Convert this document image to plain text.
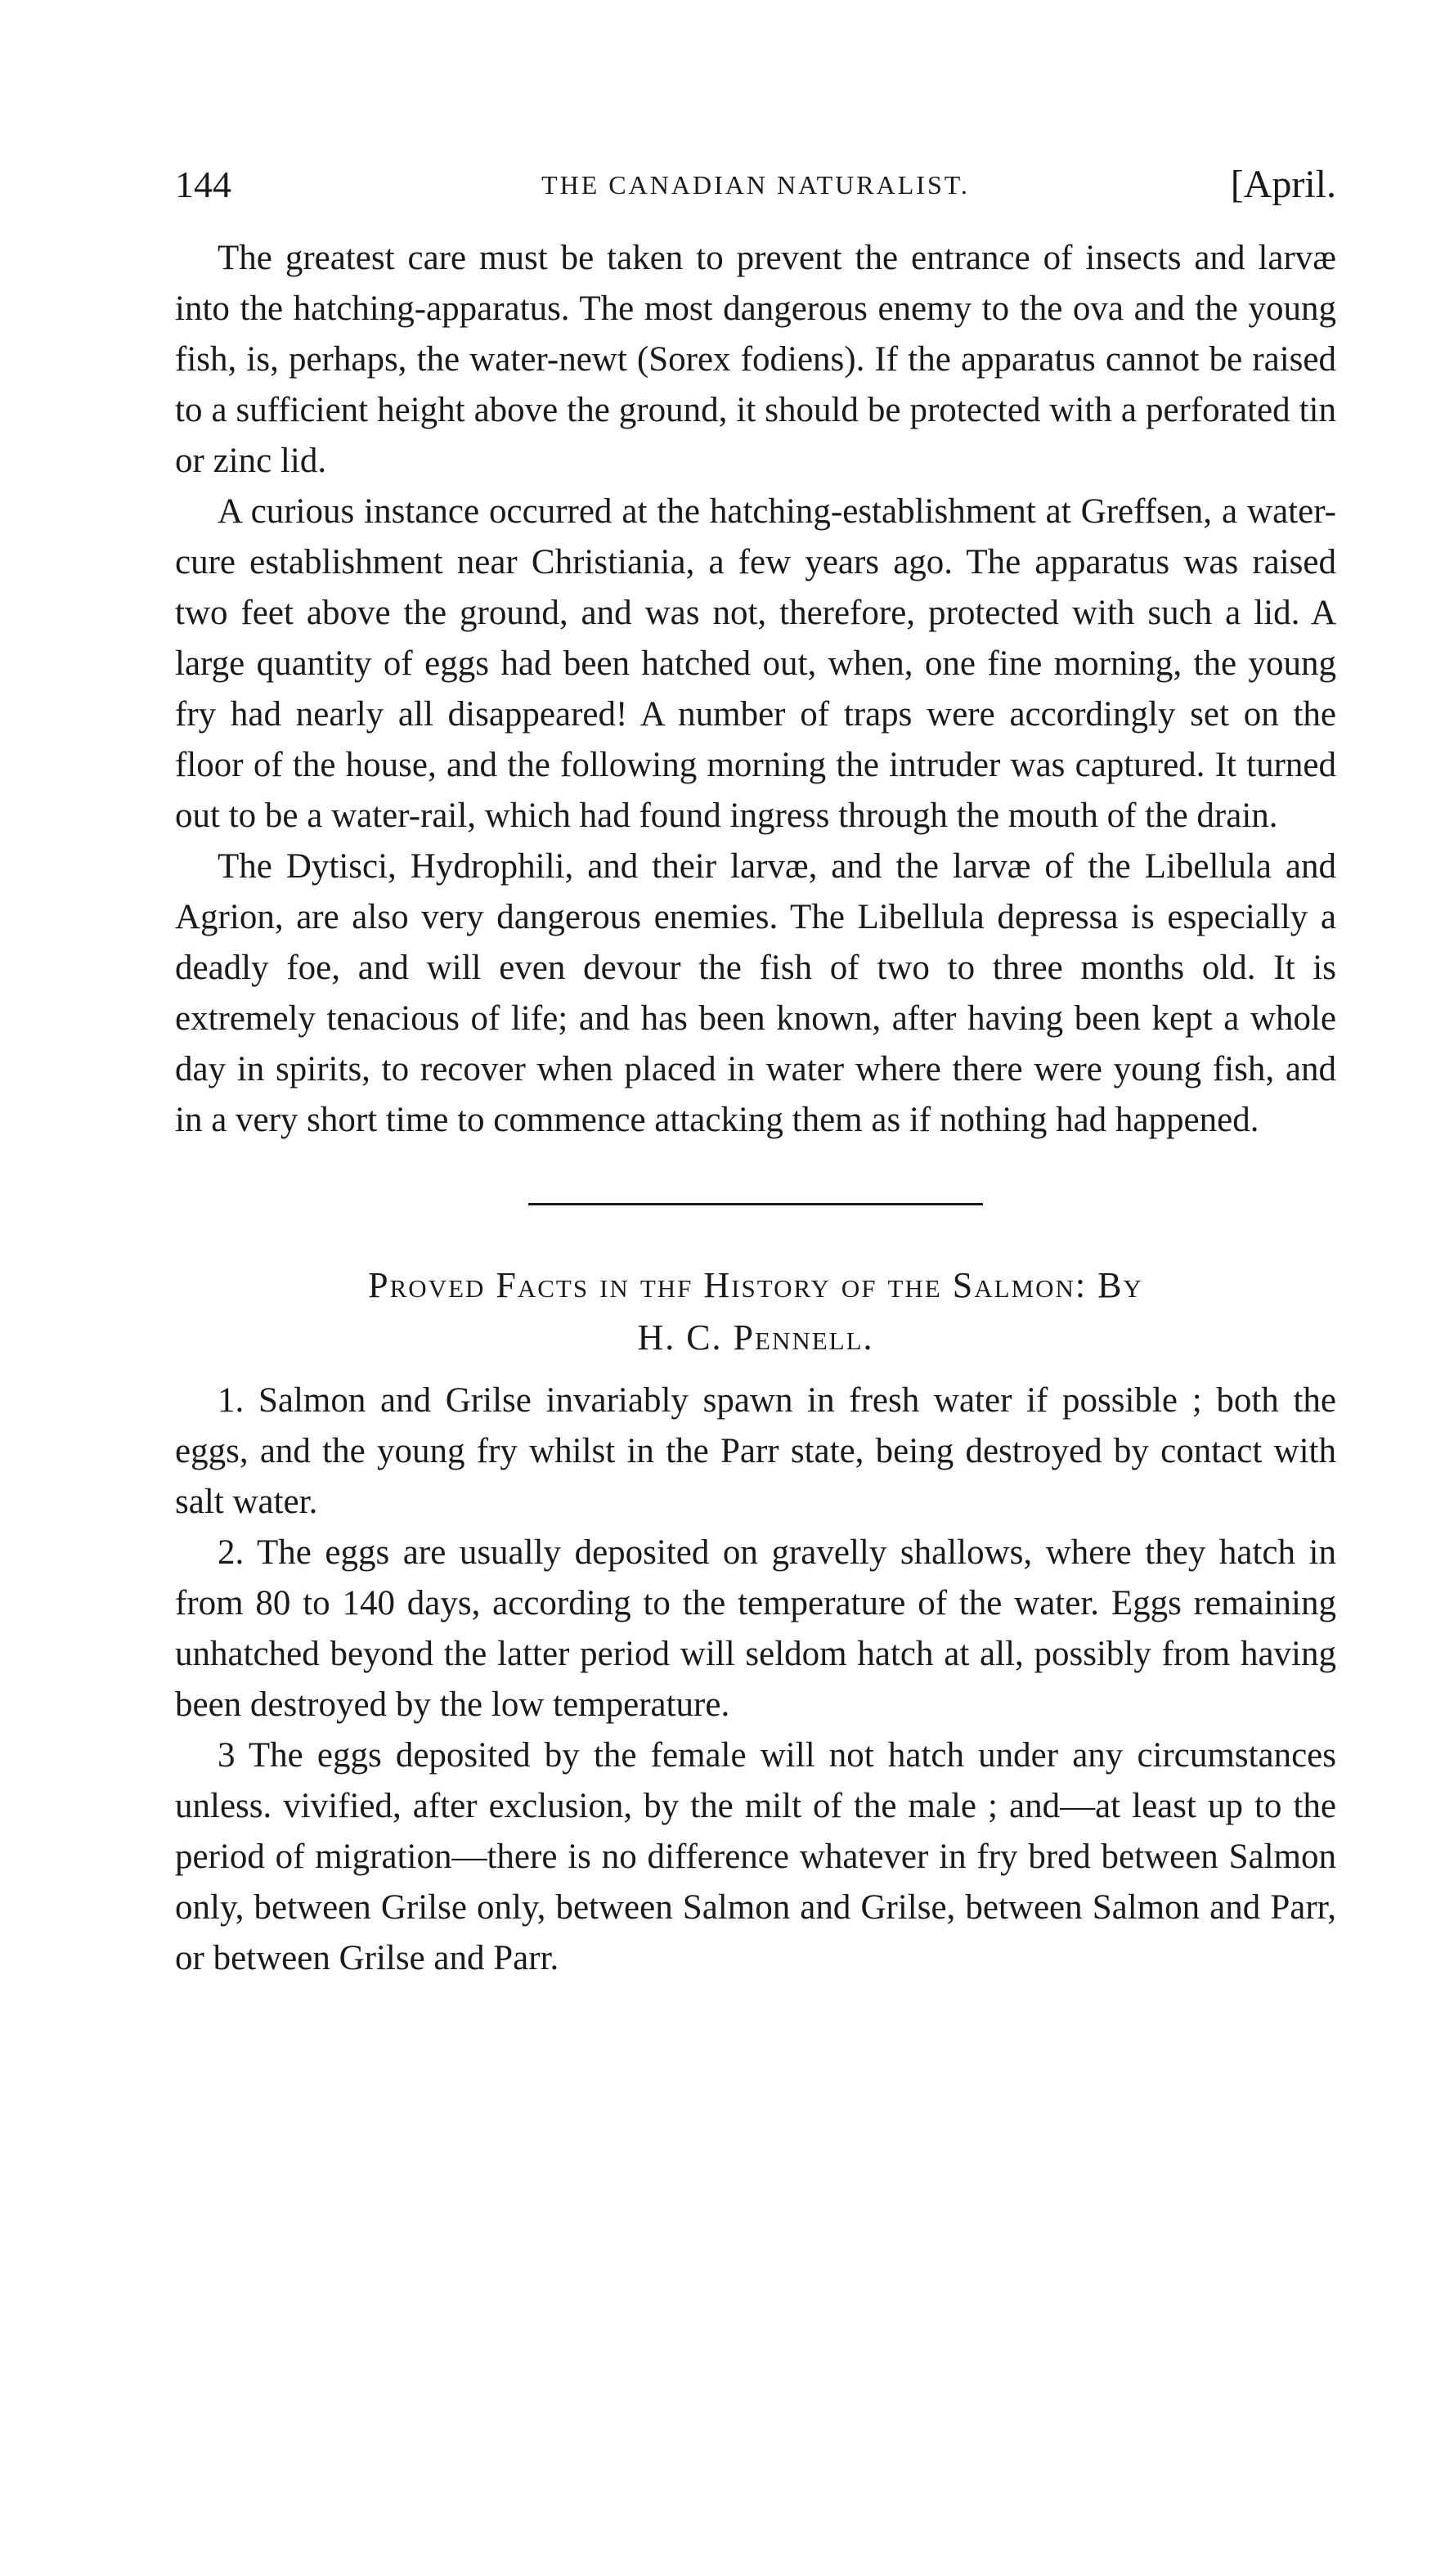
144	THE CANADIAN NATURALIST.	[April.

The greatest care must be taken to prevent the entrance of insects and larvæ into the hatching-apparatus. The most dangerous enemy to the ova and the young fish, is, perhaps, the water-newt (Sorex fodiens). If the apparatus cannot be raised to a sufficient height above the ground, it should be protected with a perforated tin or zinc lid.

A curious instance occurred at the hatching-establishment at Greffsen, a water-cure establishment near Christiania, a few years ago. The apparatus was raised two feet above the ground, and was not, therefore, protected with such a lid. A large quantity of eggs had been hatched out, when, one fine morning, the young fry had nearly all disappeared! A number of traps were accordingly set on the floor of the house, and the following morning the intruder was captured. It turned out to be a water-rail, which had found ingress through the mouth of the drain.

The Dytisci, Hydrophili, and their larvæ, and the larvæ of the Libellula and Agrion, are also very dangerous enemies. The Libellula depressa is especially a deadly foe, and will even devour the fish of two to three months old. It is extremely tenacious of life; and has been known, after having been kept a whole day in spirits, to recover when placed in water where there were young fish, and in a very short time to commence attacking them as if nothing had happened.

Proved Facts in thf History of the Salmon: By
H. C. Pennell.

1. Salmon and Grilse invariably spawn in fresh water if possible ; both the eggs, and the young fry whilst in the Parr state, being destroyed by contact with salt water.

2. The eggs are usually deposited on gravelly shallows, where they hatch in from 80 to 140 days, according to the temperature of the water. Eggs remaining unhatched beyond the latter period will seldom hatch at all, possibly from having been destroyed by the low temperature.

3 The eggs deposited by the female will not hatch under any circumstances unless. vivified, after exclusion, by the milt of the male ; and—at least up to the period of migration—there is no difference whatever in fry bred between Salmon only, between Grilse only, between Salmon and Grilse, between Salmon and Parr, or between Grilse and Parr.
